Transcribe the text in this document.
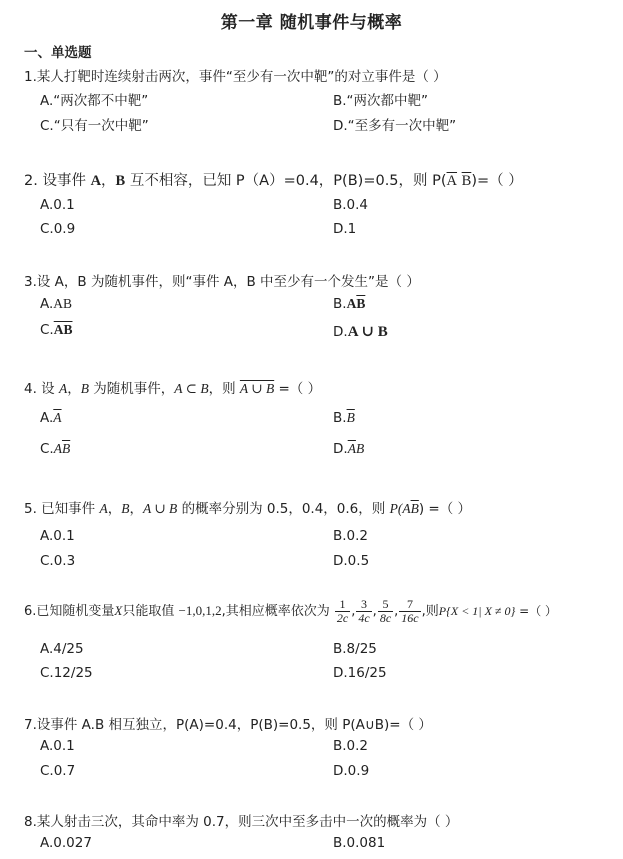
第一章 随机事件与概率
一、单选题
1.某人打靶时连续射击两次，事件“至少有一次中靶”的对立事件是（ ）
A.“两次都不中靶”	B.“两次都中靶”
C.“只有一次中靶”	D.“至多有一次中靶”
2. 设事件 A，B 互不相容，已知 P（A）=0.4，P(B)=0.5，则 $P(\overline{A}$ $\overline{B})=$（ ）
A.0.1	B.0.4
C.0.9	D.1
3.设 A，B 为随机事件，则“事件 A，B 中至少有一个发生”是（ ）
A.AB	$B.A\overline{B}$
$C.\overline{AB}$	D.A ∪ B
4. 设 A，B 为随机事件，A ⊂ B，则 A ∪ B =（ ）
$A.\overline{A}$	$B.\overline{B}$
$C.A\overline{B}$	$D.\overline{A}B$
5. 已知事件 A，B，A ∪ B 的概率分别为 0.5，0.4，0.6，则 $P(A\overline{B})$ =（ ）
A.0.1	B.0.2
C.0.3	D.0.5
6.已知随机变量X只能取值 −1,0,1,2,其相应概率依次为 $\frac{1}{2c}$ , $\frac{3}{4c}$ , $\frac{5}{8c}$ , $\frac{7}{16c}$ ,则P{X < 1| X ≠ 0} =（ ）
A.4/25	B.8/25
C.12/25	D.16/25
7.设事件 A.B 相互独立，P(A)=0.4，P(B)=0.5，则 P(A∪B)=（ ）
A.0.1	B.0.2
C.0.7	D.0.9
8.某人射击三次，其命中率为 0.7，则三次中至多击中一次的概率为（ ）
A.0.027	B.0.081
